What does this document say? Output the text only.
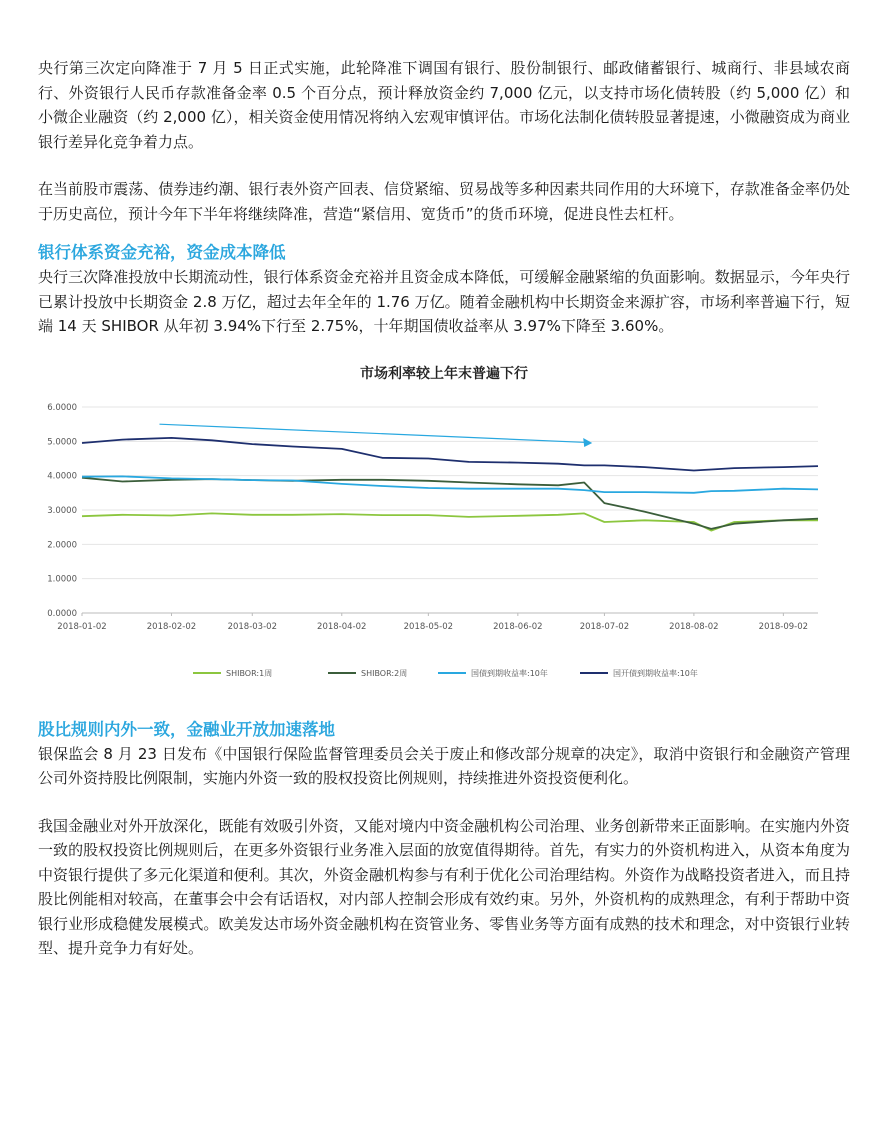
央行第三次定向降准于 7 月 5 日正式实施，此轮降准下调国有银行、股份制银行、邮政储蓄银行、城商行、非县域农商行、外资银行人民币存款准备金率 0.5 个百分点，预计释放资金约 7,000 亿元，以支持市场化债转股（约 5,000 亿）和小微企业融资（约 2,000 亿），相关资金使用情况将纳入宏观审慎评估。市场化法制化债转股显著提速，小微融资成为商业银行差异化竞争着力点。

在当前股市震荡、债券违约潮、银行表外资产回表、信贷紧缩、贸易战等多种因素共同作用的大环境下，存款准备金率仍处于历史高位，预计今年下半年将继续降准，营造“紧信用、宽货币”的货币环境，促进良性去杠杆。

银行体系资金充裕，资金成本降低

央行三次降准投放中长期流动性，银行体系资金充裕并且资金成本降低，可缓解金融紧缩的负面影响。数据显示，今年央行已累计投放中长期资金 2.8 万亿，超过去年全年的 1.76 万亿。随着金融机构中长期资金来源扩容，市场利率普遍下行，短端 14 天 SHIBOR 从年初 3.94%下行至 2.75%，十年期国债收益率从 3.97%下降至 3.60%。

市场利率较上年末普遍下行
0.0000
1.0000
2.0000
3.0000
4.0000
5.0000
6.0000
2018-01-02	2018-02-02	2018-03-02	2018-04-02	2018-05-02	2018-06-02	2018-07-02	2018-08-02	2018-09-02
SHIBOR:1周	SHIBOR:2周	国债到期收益率:10年	国开债到期收益率:10年
股比规则内外一致，金融业开放加速落地

银保监会 8 月 23 日发布《中国银行保险监督管理委员会关于废止和修改部分规章的决定》，取消中资银行和金融资产管理公司外资持股比例限制，实施内外资一致的股权投资比例规则，持续推进外资投资便利化。

我国金融业对外开放深化，既能有效吸引外资，又能对境内中资金融机构公司治理、业务创新带来正面影响。在实施内外资一致的股权投资比例规则后，在更多外资银行业务准入层面的放宽值得期待。首先，有实力的外资机构进入，从资本角度为中资银行提供了多元化渠道和便利。其次，外资金融机构参与有利于优化公司治理结构。外资作为战略投资者进入，而且持股比例能相对较高，在董事会中会有话语权，对内部人控制会形成有效约束。另外，外资机构的成熟理念，有利于帮助中资银行业形成稳健发展模式。欧美发达市场外资金融机构在资管业务、零售业务等方面有成熟的技术和理念，对中资银行业转型、提升竞争力有好处。
